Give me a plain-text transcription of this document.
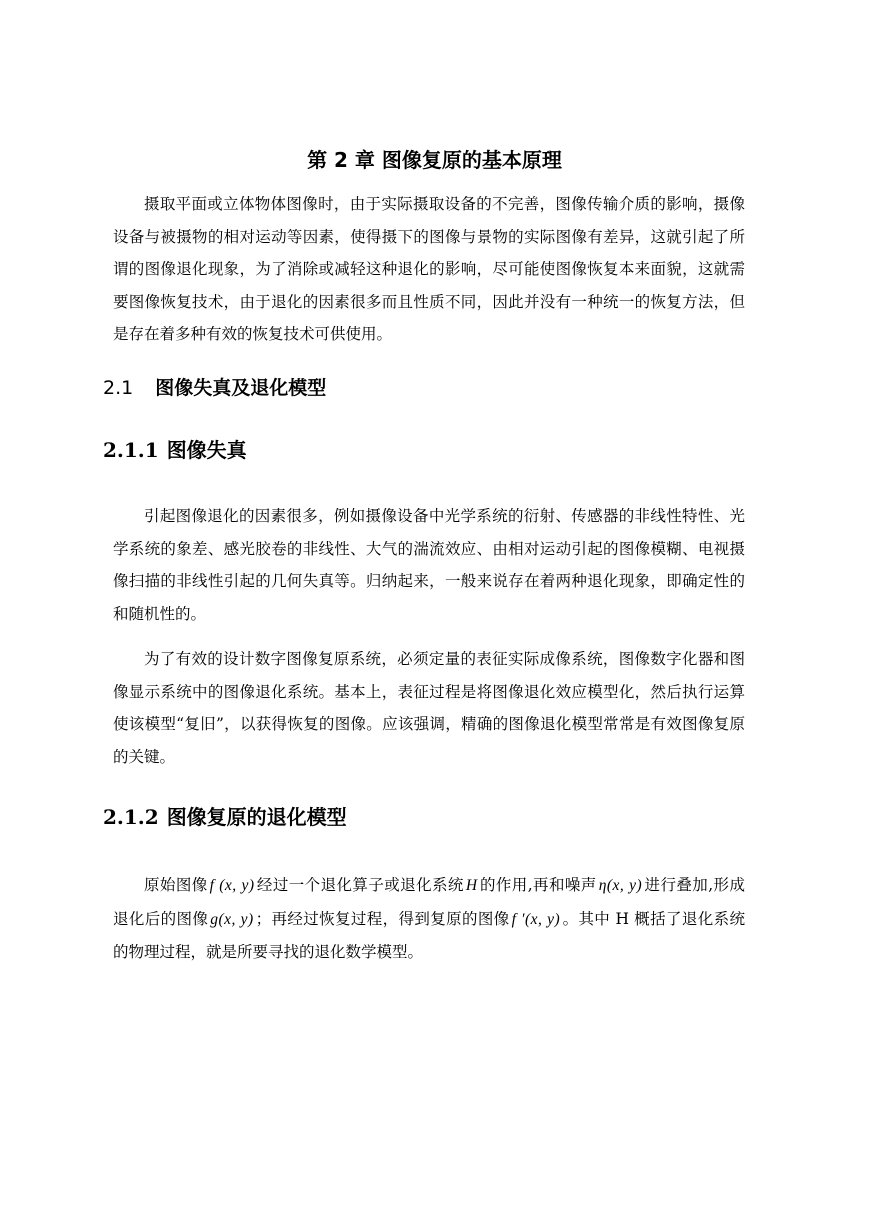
第 2 章 图像复原的基本原理

摄取平面或立体物体图像时，由于实际摄取设备的不完善，图像传输介质的影响，摄像设备与被摄物的相对运动等因素，使得摄下的图像与景物的实际图像有差异，这就引起了所谓的图像退化现象，为了消除或减轻这种退化的影响，尽可能使图像恢复本来面貌，这就需要图像恢复技术，由于退化的因素很多而且性质不同，因此并没有一种统一的恢复方法，但是存在着多种有效的恢复技术可供使用。

2.1 图像失真及退化模型
2.1.1 图像失真

引起图像退化的因素很多，例如摄像设备中光学系统的衍射、传感器的非线性特性、光学系统的象差、感光胶卷的非线性、大气的湍流效应、由相对运动引起的图像模糊、电视摄像扫描的非线性引起的几何失真等。归纳起来，一般来说存在着两种退化现象，即确定性的和随机性的。

为了有效的设计数字图像复原系统，必须定量的表征实际成像系统，图像数字化器和图像显示系统中的图像退化系统。基本上，表征过程是将图像退化效应模型化，然后执行运算使该模型“复旧”，以获得恢复的图像。应该强调，精确的图像退化模型常常是有效图像复原的关键。

2.1.2 图像复原的退化模型

原始图像 f (x, y) 经过一个退化算子或退化系统 H 的作用,再和噪声 η(x, y) 进行叠加,形成退化后的图像 g(x, y) ；再经过恢复过程，得到复原的图像 f ′(x, y) 。其中 H 概括了退化系统的物理过程，就是所要寻找的退化数学模型。
